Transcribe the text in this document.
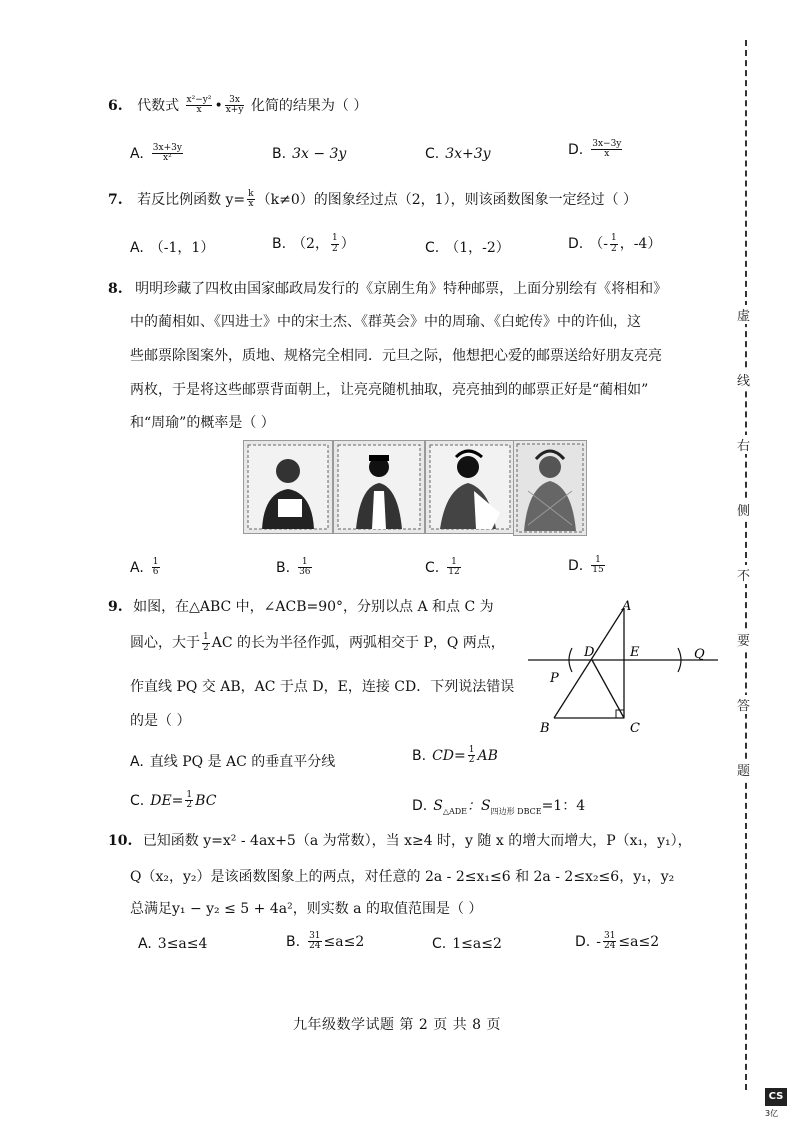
6. 代数式 $\frac{\text{x²−y²}}{x}$ • $\frac{3x}{x+y}$ 化简的结果为（ ）
A. $\frac{3x+3y}{\text{x²}}$	B. 3x − 3y	C. 3x+3y	D. $\frac{3x-3y}{x}$
7. 若反比例函数 $y= \frac{k}{x} (k\ne 0)$的图象经过点（2，1），则该函数图象一定经过（ ）
A. （-1，1）	B. （2， $\frac{1}{2}$ ）	C. （1，-2）	D. （- $\frac{1}{2}$ ，-4）
8. 明明珍藏了四枚由国家邮政局发行的《京剧生角》特种邮票，上面分别绘有《将相和》
中的蔺相如、《四进士》中的宋士杰、《群英会》中的周瑜、《白蛇传》中的许仙，这
些邮票除图案外，质地、规格完全相同．元旦之际，他想把心爱的邮票送给好朋友亮亮
两枚，于是将这些邮票背面朝上，让亮亮随机抽取，亮亮抽到的邮票正好是“蔺相如”
和“周瑜”的概率是（ ）
A. $\frac{1}{6}$	B. $\frac{1}{36}$	C. $\frac{1}{12}$	D. $\frac{1}{15}$
9. 如图，在△ABC 中，∠ACB=90°，分别以点 A 和点 C 为
圆心，大于 $\frac{1}{2}$ AC 的长为半径作弧，两弧相交于 P，Q 两点，
作直线 PQ 交 AB，AC 于点 D，E，连接 CD．下列说法错误
的是（ ）
A
B	C
D	E
P
Q
A. 直线 PQ 是 AC 的垂直平分线	B. $CD= \frac{1}{2}$ AB
C. $DE= \frac{1}{2}$ BC	D. $S_{\triangle ADE}$：$S_{四边形 DBCE}=1$：4
10. 已知函数 y=x² - 4ax+5（a 为常数），当 x≥4 时，y 随 x 的增大而增大，P（x₁，y₁），
Q（x₂，y₂）是该函数图象上的两点，对任意的 2a - 2≤x₁≤6 和 2a - 2≤x₂≤6，y₁，y₂
总满足y₁ − y₂ ≤ 5 + 4a²，则实数 a 的取值范围是（ ）
A. 3≤a≤4	B. $\frac{31}{24} \le a\le 2$	C. 1≤a≤2	D. - $\frac{31}{24} \le a\le 2$
九年级数学试题 第 2 页 共 8 页
虚
线
右
侧
不
要
答
题
CS
3亿
